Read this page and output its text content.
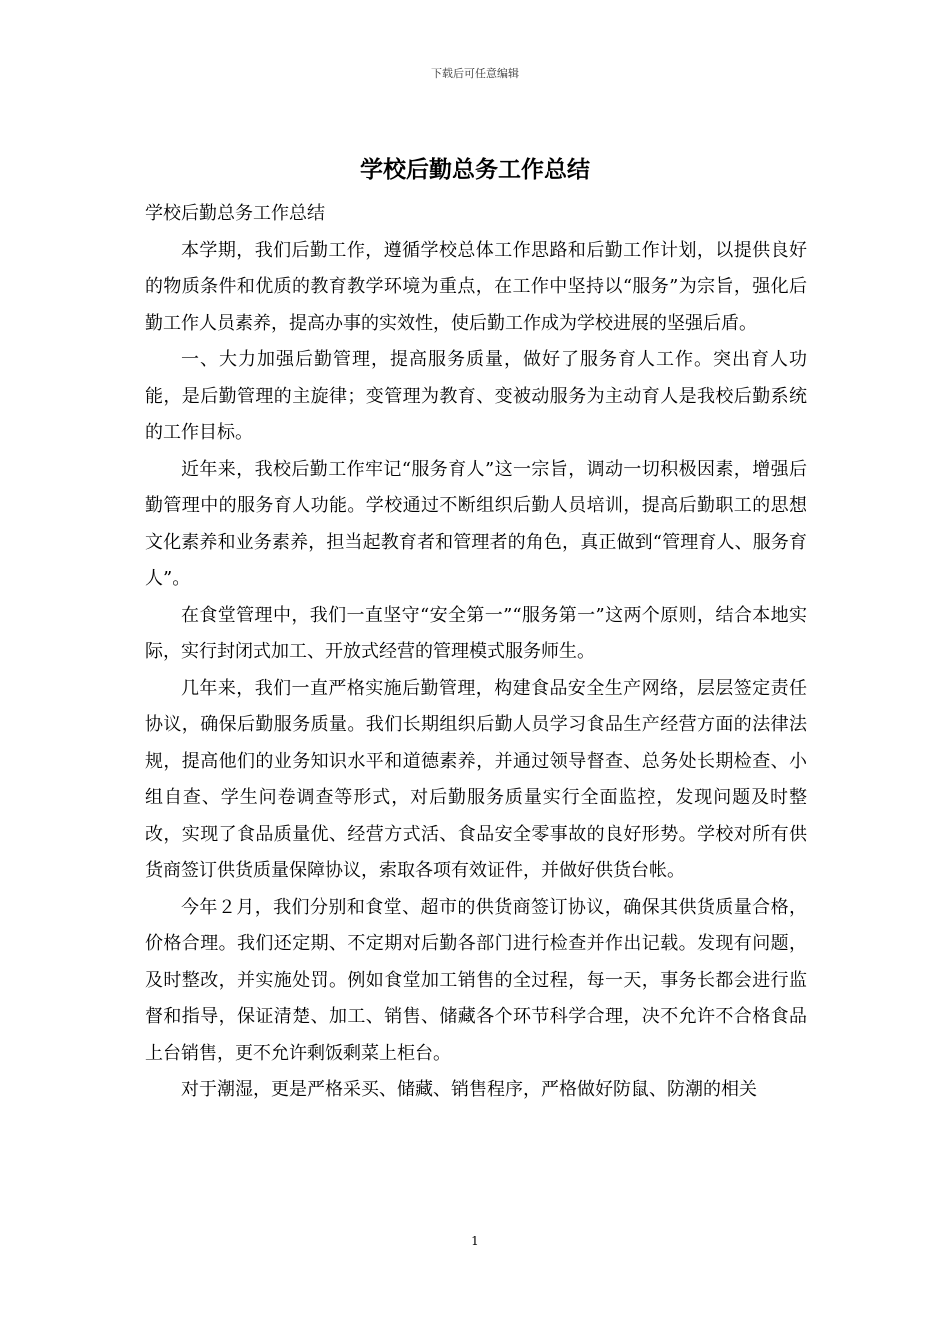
下载后可任意编辑
学校后勤总务工作总结

学校后勤总务工作总结

本学期，我们后勤工作，遵循学校总体工作思路和后勤工作计划，以提供良好的物质条件和优质的教育教学环境为重点，在工作中坚持以“服务”为宗旨，强化后勤工作人员素养，提高办事的实效性，使后勤工作成为学校进展的坚强后盾。

一、大力加强后勤管理，提高服务质量，做好了服务育人工作。突出育人功能，是后勤管理的主旋律；变管理为教育、变被动服务为主动育人是我校后勤系统的工作目标。

近年来，我校后勤工作牢记“服务育人”这一宗旨，调动一切积极因素，增强后勤管理中的服务育人功能。学校通过不断组织后勤人员培训，提高后勤职工的思想文化素养和业务素养，担当起教育者和管理者的角色，真正做到“管理育人、服务育人”。

在食堂管理中，我们一直坚守“安全第一”“服务第一”这两个原则，结合本地实际，实行封闭式加工、开放式经营的管理模式服务师生。

几年来，我们一直严格实施后勤管理，构建食品安全生产网络，层层签定责任协议，确保后勤服务质量。我们长期组织后勤人员学习食品生产经营方面的法律法规，提高他们的业务知识水平和道德素养，并通过领导督查、总务处长期检查、小组自查、学生问卷调查等形式，对后勤服务质量实行全面监控，发现问题及时整改，实现了食品质量优、经营方式活、食品安全零事故的良好形势。学校对所有供货商签订供货质量保障协议，索取各项有效证件，并做好供货台帐。

今年２月，我们分别和食堂、超市的供货商签订协议，确保其供货质量合格，价格合理。我们还定期、不定期对后勤各部门进行检查并作出记载。发现有问题，及时整改，并实施处罚。例如食堂加工销售的全过程，每一天，事务长都会进行监督和指导，保证清楚、加工、销售、储藏各个环节科学合理，决不允许不合格食品上台销售，更不允许剩饭剩菜上柜台。

对于潮湿，更是严格采买、储藏、销售程序，严格做好防鼠、防潮的相关

1
